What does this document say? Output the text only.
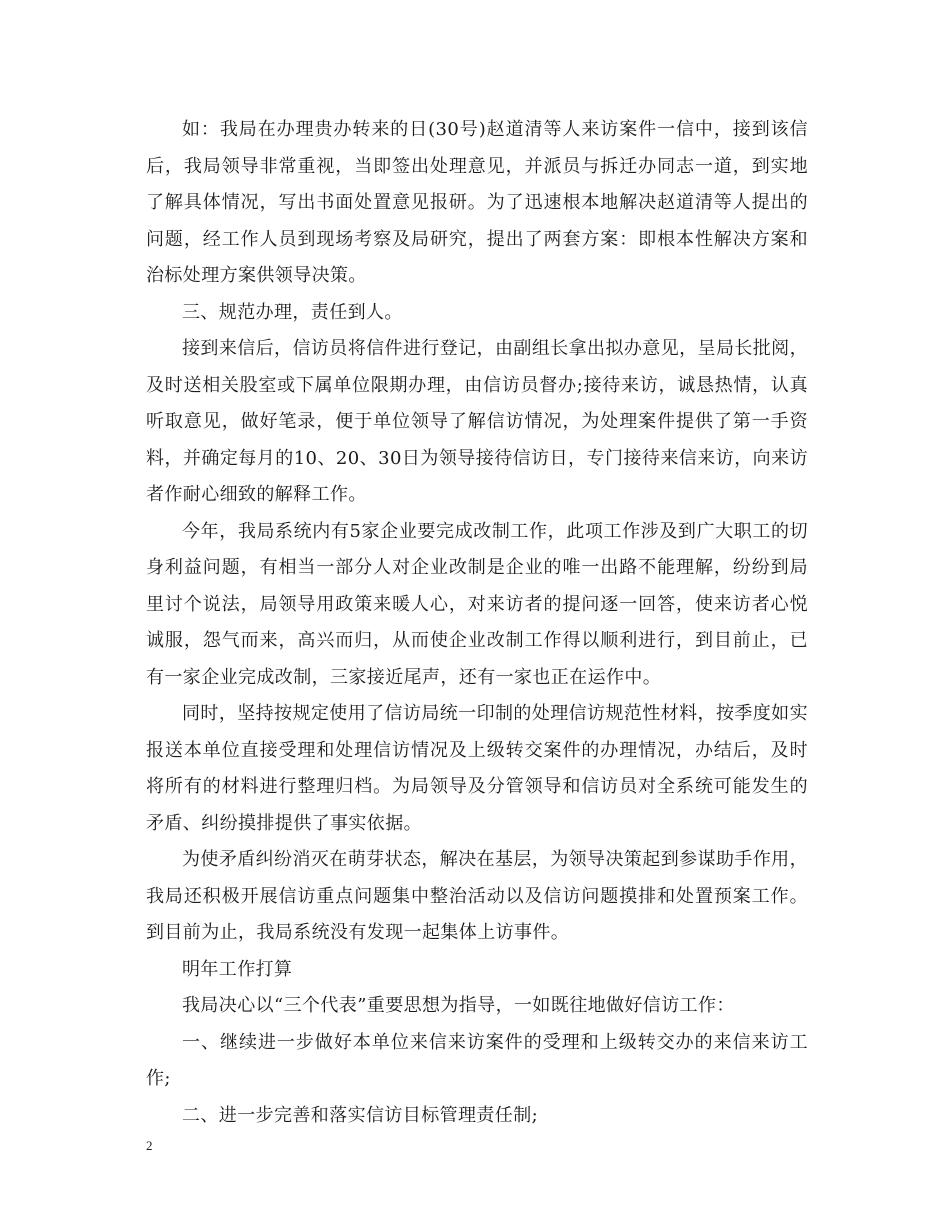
如：我局在办理贵办转来的日(30号)赵道清等人来访案件一信中，接到该信后，我局领导非常重视，当即签出处理意见，并派员与拆迁办同志一道，到实地了解具体情况，写出书面处置意见报研。为了迅速根本地解决赵道清等人提出的问题，经工作人员到现场考察及局研究，提出了两套方案：即根本性解决方案和治标处理方案供领导决策。

三、规范办理，责任到人。

接到来信后，信访员将信件进行登记，由副组长拿出拟办意见，呈局长批阅，及时送相关股室或下属单位限期办理，由信访员督办;接待来访，诚恳热情，认真听取意见，做好笔录，便于单位领导了解信访情况，为处理案件提供了第一手资料，并确定每月的10、20、30日为领导接待信访日，专门接待来信来访，向来访者作耐心细致的解释工作。

今年，我局系统内有5家企业要完成改制工作，此项工作涉及到广大职工的切身利益问题，有相当一部分人对企业改制是企业的唯一出路不能理解，纷纷到局里讨个说法，局领导用政策来暖人心，对来访者的提问逐一回答，使来访者心悦诚服，怨气而来，高兴而归，从而使企业改制工作得以顺利进行，到目前止，已有一家企业完成改制，三家接近尾声，还有一家也正在运作中。

同时，坚持按规定使用了信访局统一印制的处理信访规范性材料，按季度如实报送本单位直接受理和处理信访情况及上级转交案件的办理情况，办结后，及时将所有的材料进行整理归档。为局领导及分管领导和信访员对全系统可能发生的矛盾、纠纷摸排提供了事实依据。

为使矛盾纠纷消灭在萌芽状态，解决在基层，为领导决策起到参谋助手作用，我局还积极开展信访重点问题集中整治活动以及信访问题摸排和处置预案工作。到目前为止，我局系统没有发现一起集体上访事件。

明年工作打算

我局决心以“三个代表”重要思想为指导，一如既往地做好信访工作：

一、继续进一步做好本单位来信来访案件的受理和上级转交办的来信来访工作;

二、进一步完善和落实信访目标管理责任制;

2
